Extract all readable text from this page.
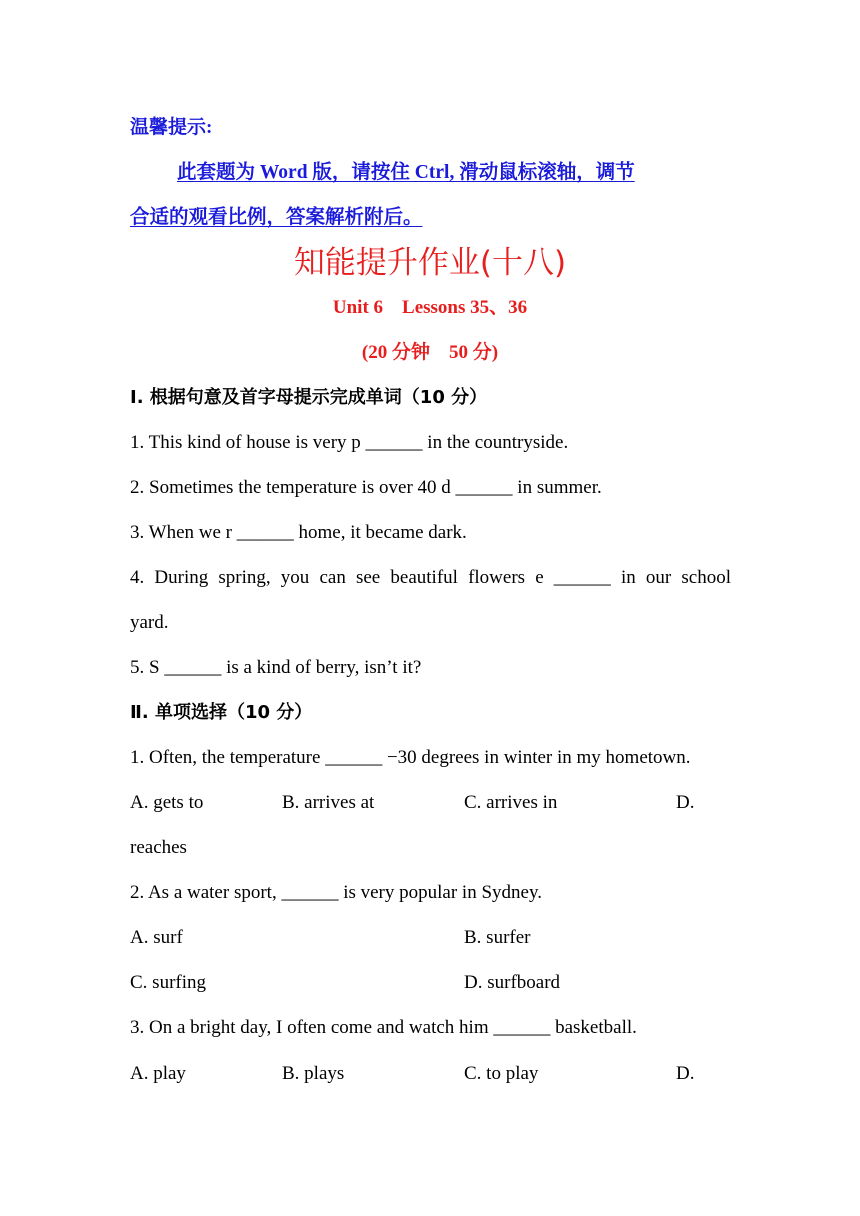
温馨提示:
此套题为 Word 版，请按住 Ctrl, 滑动鼠标滚轴，调节
合适的观看比例，答案解析附后。
知能提升作业(十八)
Unit 6　Lessons 35、36
(20 分钟　50 分)
Ⅰ. 根据句意及首字母提示完成单词（10 分）
1. This kind of house is very p ______ in the countryside.
2. Sometimes the temperature is over 40 d ______ in summer.
3. When we r ______ home, it became dark.
4. During spring, you can see beautiful flowers e ______ in our school
yard.
5. S ______ is a kind of berry, isn’t it?
Ⅱ. 单项选择（10 分）
1. Often, the temperature ______ −30 degrees in winter in my hometown.
A. gets to	B. arrives at	C. arrives in	D.
reaches
2. As a water sport, ______ is very popular in Sydney.
A. surf	B. surfer
C. surfing	D. surfboard
3. On a bright day, I often come and watch him ______ basketball.
A. play	B. plays	C. to play	D.
